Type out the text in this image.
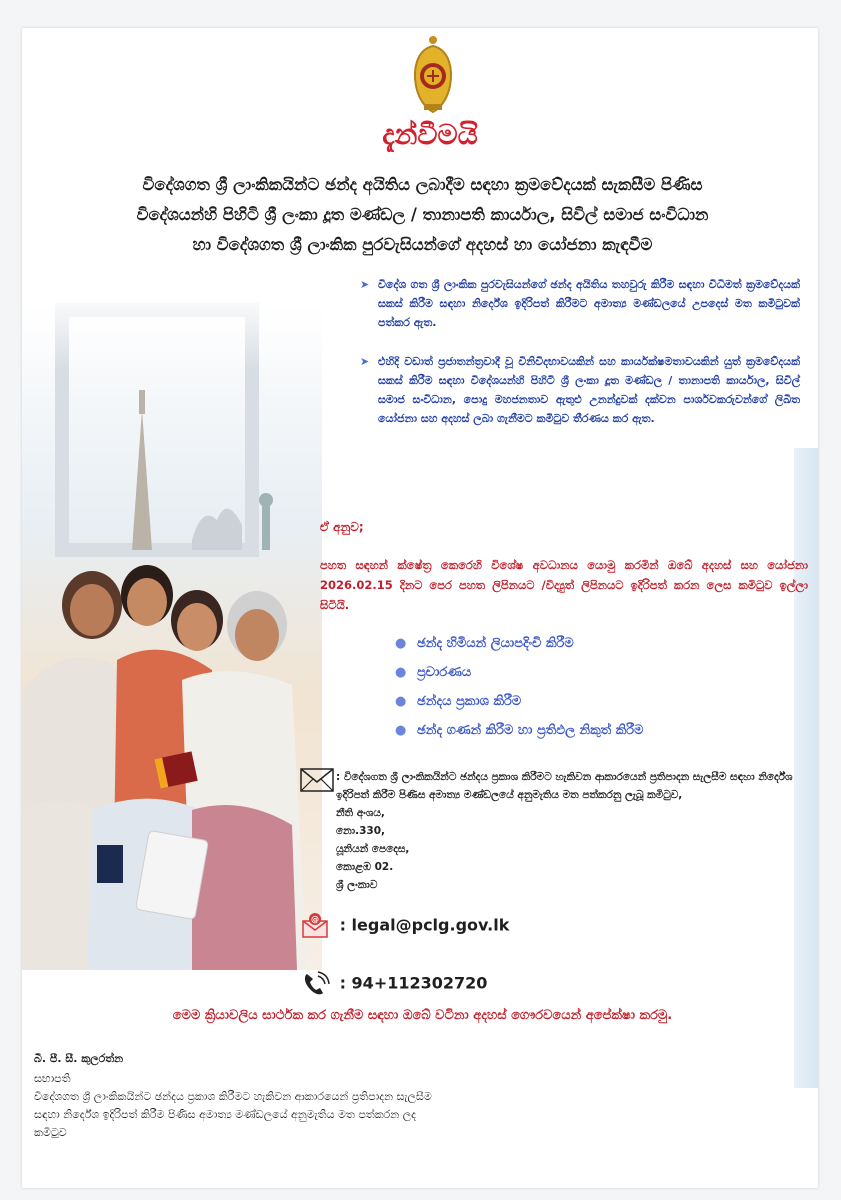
දැන්වීමයි
විදේශගත ශ්‍රී ලාංකිකයින්ට ඡන්ද අයිතිය ලබාදීම සඳහා ක්‍රමවේදයක් සැකසීම පිණිස
විදේශයන්හි පිහිටි ශ්‍රී ලංකා දූත මණ්ඩල / තානාපති කාර්යාල, සිවිල් සමාජ සංවිධාන
හා විදේශගත ශ්‍රී ලාංකික පුරවැසියන්ගේ අදහස් හා යෝජනා කැඳවීම
➤ විදේශ ගත ශ්‍රී ලාංකික පුරවැසියන්ගේ ඡන්ද අයිතිය තහවුරු කිරීම සඳහා විධිමත් ක්‍රමවේදයක් සකස් කිරීම සඳහා නිර්දේශ ඉදිරිපත් කිරීමට අමාත්‍ය මණ්ඩලයේ උපදෙස් මත කමිටුවක් පත්කර ඇත.
➤ එහිදි වඩාත් ප්‍රජාතන්ත්‍රවාදී වූ විනිවිදභාවයකින් සහ කාර්යක්ෂමතාවයකින් යුත් ක්‍රමවේදයක් සකස් කිරීම සඳහා විදේශයන්හි පිහිටි ශ්‍රී ලංකා දූත මණ්ඩල / තානාපති කාර්යාල, සිවිල් සමාජ සංවිධාන, පොදු මහජනතාව ඇතුළු උනන්දුවක් දක්වන පාර්ශවකරුවන්ගේ ලිඛිත යෝජනා සහ අදහස් ලබා ගැනීමට කමිටුව තීරණය කර ඇත.
ඒ අනුව;
පහත සඳහන් ක්ෂේත්‍ර කෙරෙහි විශේෂ අවධානය යොමු කරමින් ඔබේ අදහස් සහ යෝජනා 2026.02.15 දිනට පෙර පහත ලිපිනයට /විද්‍යුත් ලිපිනයට ඉදිරිපත් කරන ලෙස කමිටුව ඉල්ලා සිටියි.
● ඡන්ද හිමියන් ලියාපදිංචි කිරීම
● ප්‍රචාරණය
● ඡන්දය ප්‍රකාශ කිරීම
● ඡන්ද ගණන් කිරීම හා ප්‍රතිඵල නිකුත් කිරීම
: විදේශගත ශ්‍රී ලාංකිකයින්ට ඡන්දය ප්‍රකාශ කිරීමට හැකිවන ආකාරයෙන් ප්‍රතිපාදන සැලසීම සඳහා නිර්දේශ ඉදිරිපත් කිරීම පිණිස අමාත්‍ය මණ්ඩලයේ අනුමැතිය මත පත්කරනු ලැබූ කමිටුව,
නීති අංශය,
නො.330,
යූනියන් පෙදෙස,
කොළඹ 02.
ශ්‍රී ලංකාව
@ : legal@pclg.gov.lk
: 94+112302720
මෙම ක්‍රියාවලිය සාර්ථක කර ගැනීම සඳහා ඔබේ වටිනා අදහස් ගෞරවයෙන් අපේක්ෂා කරමු.
බී. පී. සී. කුලරත්න
සභාපති
විදේශගත ශ්‍රී ලාංකිකයින්ට ඡන්දය ප්‍රකාශ කිරීමට හැකිවන ආකාරයෙන් ප්‍රතිපාදන සැලසීම සඳහා නිර්දේශ ඉදිරිපත් කිරීම පිණිස අමාත්‍ය මණ්ඩලයේ අනුමැතිය මත පත්කරන ලද කමිටුව
